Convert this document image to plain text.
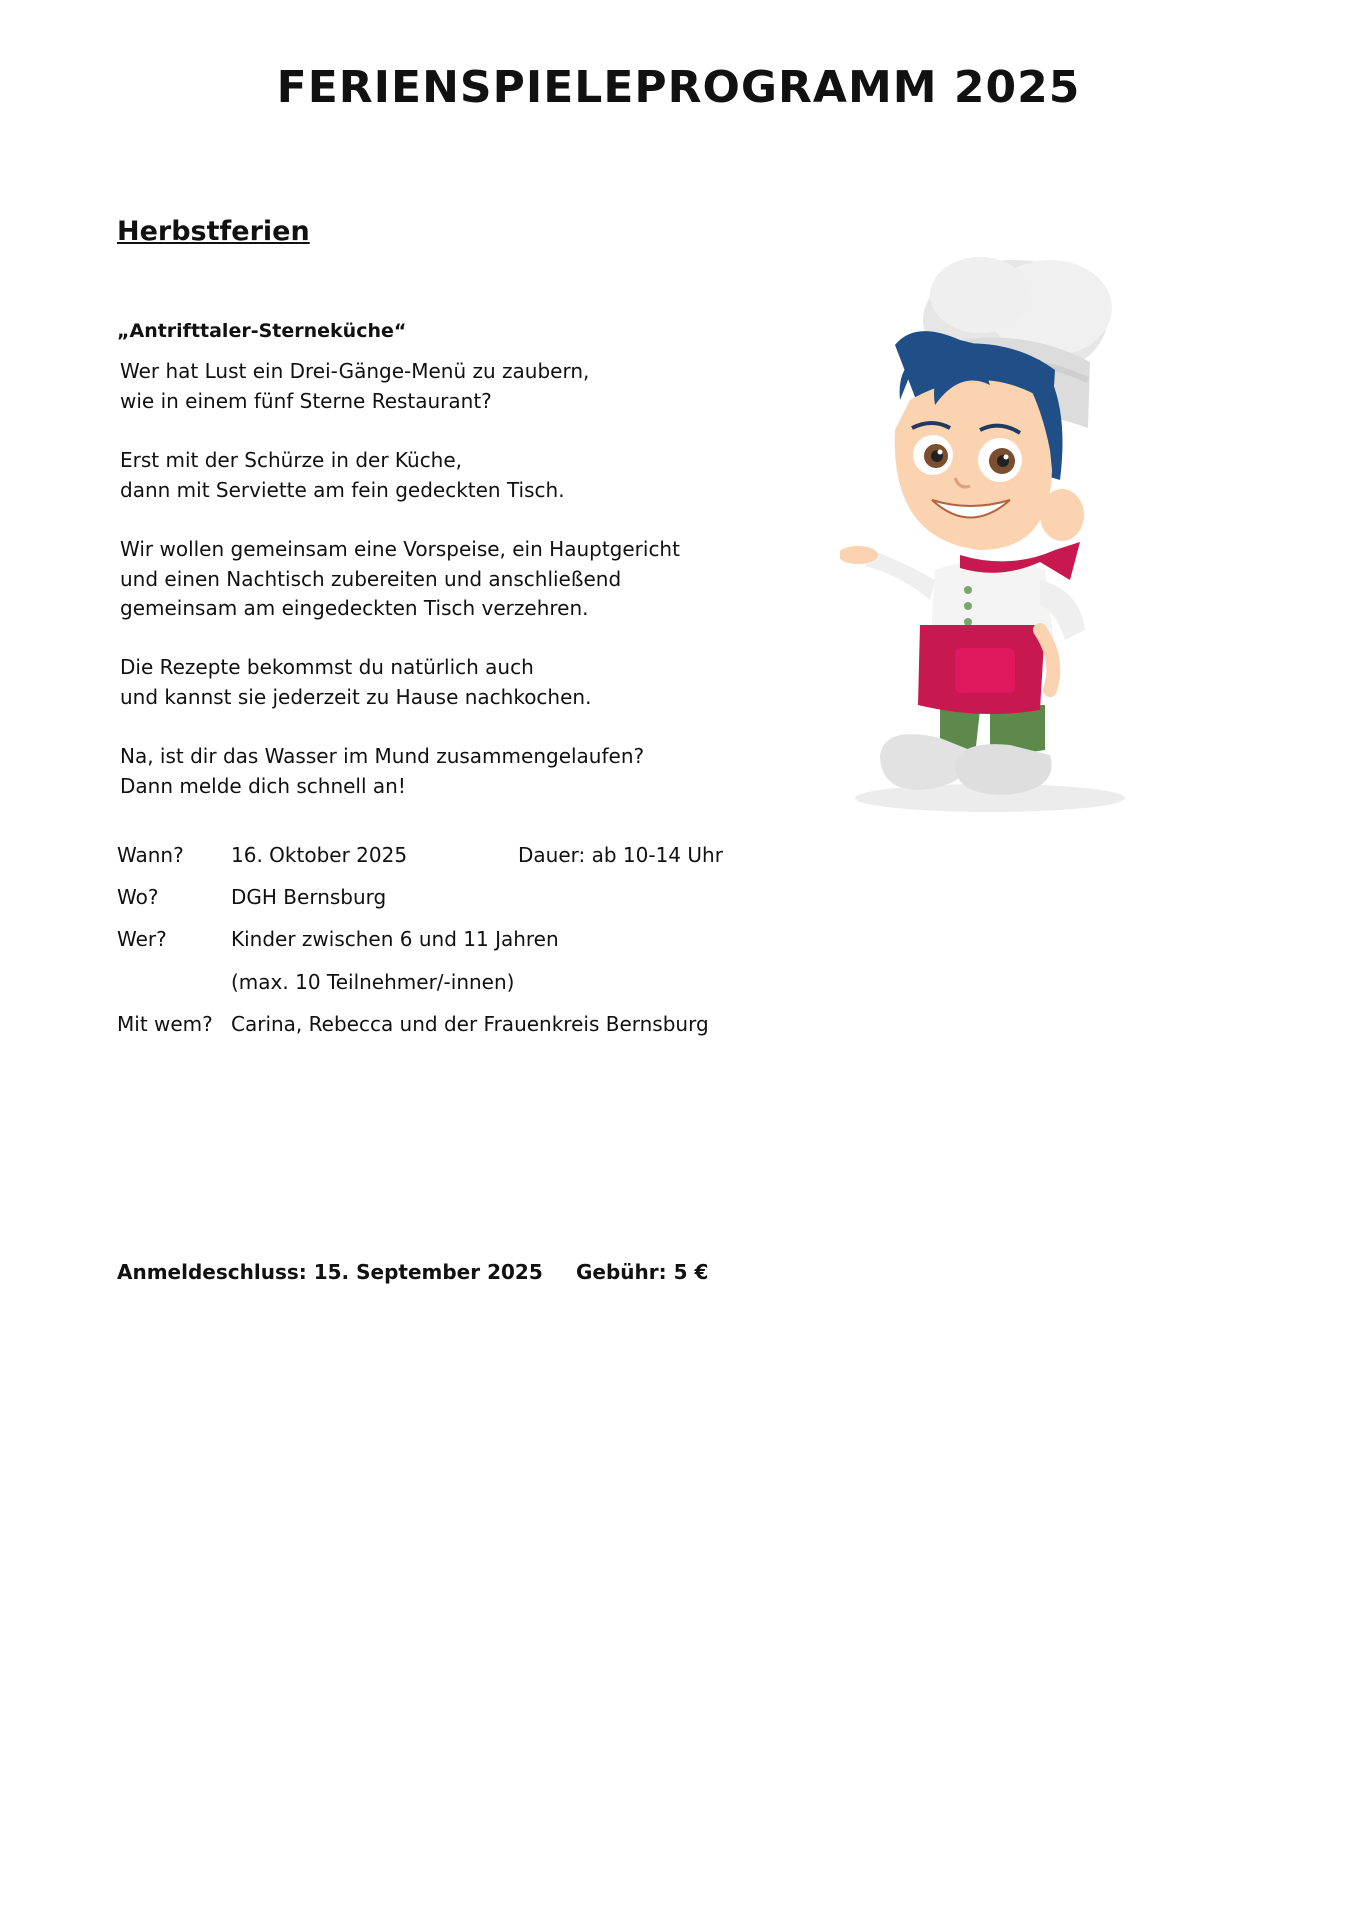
FERIENSPIELEPROGRAMM 2025
Herbstferien
„Antrifttaler-Sterneküche“
Wer hat Lust ein Drei-Gänge-Menü zu zaubern,
wie in einem fünf Sterne Restaurant?
Erst mit der Schürze in der Küche,
dann mit Serviette am fein gedeckten Tisch.
Wir wollen gemeinsam eine Vorspeise, ein Hauptgericht
und einen Nachtisch zubereiten und anschließend
gemeinsam am eingedeckten Tisch verzehren.
Die Rezepte bekommst du natürlich auch
und kannst sie jederzeit zu Hause nachkochen.
Na, ist dir das Wasser im Mund zusammengelaufen?
Dann melde dich schnell an!
Wann? 16. Oktober 2025	Dauer: ab 10-14 Uhr
Wo?	DGH Bernsburg
Wer?	Kinder zwischen 6 und 11 Jahren
(max. 10 Teilnehmer/-innen)
Mit wem? Carina, Rebecca und der Frauenkreis Bernsburg
Anmeldeschluss: 15. September 2025 Gebühr: 5 €
